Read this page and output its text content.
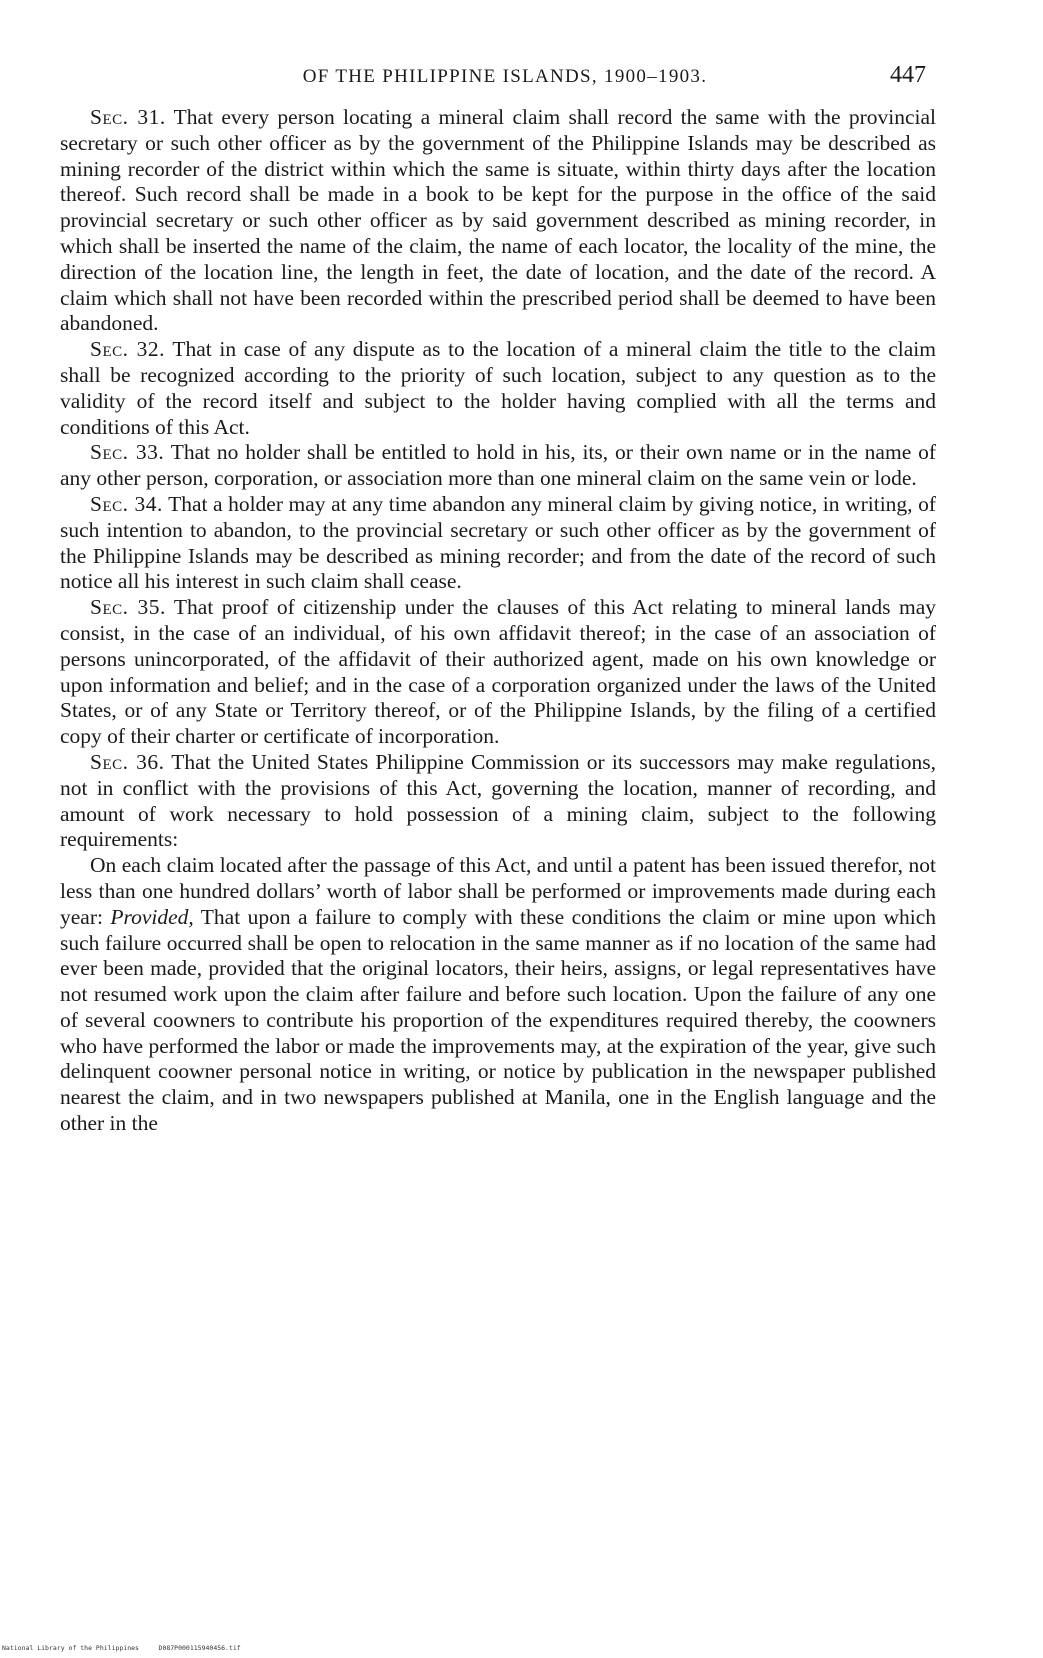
OF THE PHILIPPINE ISLANDS, 1900–1903.	447

Sec. 31. That every person locating a mineral claim shall record the same with the provincial secretary or such other officer as by the government of the Philippine Islands may be described as mining recorder of the district within which the same is situate, within thirty days after the location thereof. Such record shall be made in a book to be kept for the purpose in the office of the said provincial secretary or such other officer as by said government described as mining recorder, in which shall be inserted the name of the claim, the name of each locator, the locality of the mine, the direction of the location line, the length in feet, the date of location, and the date of the record. A claim which shall not have been recorded within the prescribed period shall be deemed to have been abandoned.

Sec. 32. That in case of any dispute as to the location of a mineral claim the title to the claim shall be recognized according to the priority of such location, subject to any question as to the validity of the record itself and subject to the holder having complied with all the terms and conditions of this Act.

Sec. 33. That no holder shall be entitled to hold in his, its, or their own name or in the name of any other person, corporation, or association more than one mineral claim on the same vein or lode.

Sec. 34. That a holder may at any time abandon any mineral claim by giving notice, in writing, of such intention to abandon, to the provincial secretary or such other officer as by the government of the Philippine Islands may be described as mining recorder; and from the date of the record of such notice all his interest in such claim shall cease.

Sec. 35. That proof of citizenship under the clauses of this Act relating to mineral lands may consist, in the case of an individual, of his own affidavit thereof; in the case of an association of persons unincorporated, of the affidavit of their authorized agent, made on his own knowledge or upon information and belief; and in the case of a corporation organized under the laws of the United States, or of any State or Territory thereof, or of the Philippine Islands, by the filing of a certified copy of their charter or certificate of incorporation.

Sec. 36. That the United States Philippine Commission or its successors may make regulations, not in conflict with the provisions of this Act, governing the location, manner of recording, and amount of work necessary to hold possession of a mining claim, subject to the following requirements:

On each claim located after the passage of this Act, and until a patent has been issued therefor, not less than one hundred dollars’ worth of labor shall be performed or improvements made during each year: Provided, That upon a failure to comply with these conditions the claim or mine upon which such failure occurred shall be open to relocation in the same manner as if no location of the same had ever been made, provided that the original locators, their heirs, assigns, or legal representatives have not resumed work upon the claim after failure and before such location. Upon the failure of any one of several coowners to contribute his proportion of the expenditures required thereby, the coowners who have performed the labor or made the improvements may, at the expiration of the year, give such delinquent coowner personal notice in writing, or notice by publication in the newspaper published nearest the claim, and in two newspapers published at Manila, one in the English language and the other in the

National Library of the Philippines     D087P000115940456.tif
